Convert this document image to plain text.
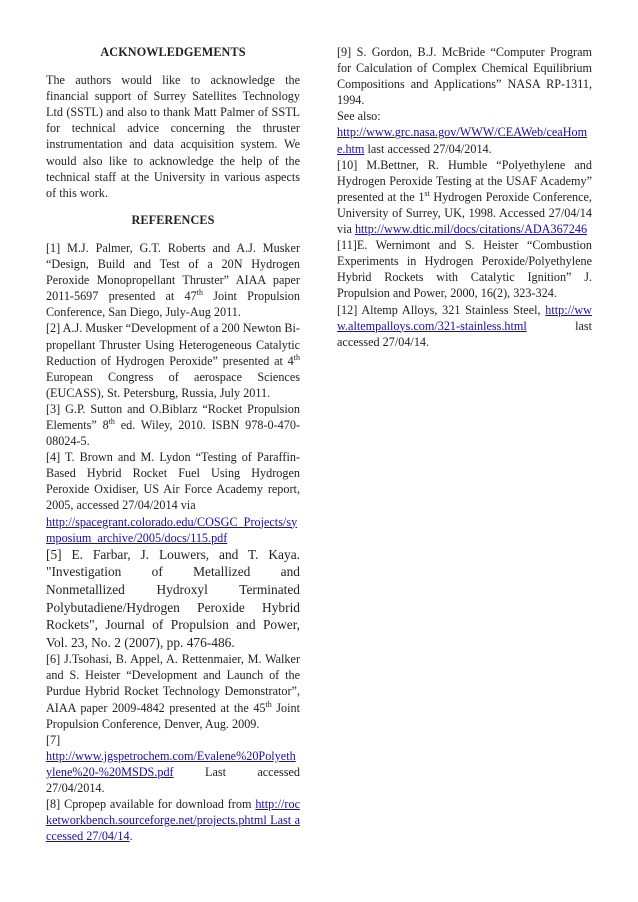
ACKNOWLEDGEMENTS
The authors would like to acknowledge the financial support of Surrey Satellites Technology Ltd (SSTL) and also to thank Matt Palmer of SSTL for technical advice concerning the thruster instrumentation and data acquisition system. We would also like to acknowledge the help of the technical staff at the University in various aspects of this work.
REFERENCES
[1] M.J. Palmer, G.T. Roberts and A.J. Musker “Design, Build and Test of a 20N Hydrogen Peroxide Monopropellant Thruster” AIAA paper 2011-5697 presented at 47th Joint Propulsion Conference, San Diego, July-Aug 2011.
[2] A.J. Musker “Development of a 200 Newton Bi-propellant Thruster Using Heterogeneous Catalytic Reduction of Hydrogen Peroxide” presented at 4th European Congress of aerospace Sciences (EUCASS), St. Petersburg, Russia, July 2011.
[3] G.P. Sutton and O.Biblarz “Rocket Propulsion Elements” 8th ed. Wiley, 2010. ISBN 978-0-470-08024-5.
[4] T. Brown and M. Lydon “Testing of Paraffin-Based Hybrid Rocket Fuel Using Hydrogen Peroxide Oxidiser, US Air Force Academy report, 2005, accessed 27/04/2014 via
http://spacegrant.colorado.edu/COSGC_Projects/symposium_archive/2005/docs/115.pdf
[5] E. Farbar, J. Louwers, and T. Kaya. "Investigation of Metallized and Nonmetallized Hydroxyl Terminated Polybutadiene/Hydrogen Peroxide Hybrid Rockets", Journal of Propulsion and Power, Vol. 23, No. 2 (2007), pp. 476-486.
[6] J.Tsohasi, B. Appel, A. Rettenmaier, M. Walker and S. Heister “Development and Launch of the Purdue Hybrid Rocket Technology Demonstrator”, AIAA paper 2009-4842 presented at the 45th Joint Propulsion Conference, Denver, Aug. 2009.
[7]
http://www.jgspetrochem.com/Evalene%20Polyethylene%20-%20MSDS.pdf Last accessed 27/04/2014.
[8] Cpropep available for download from http://rocketworkbench.sourceforge.net/projects.phtml Last accessed 27/04/14.
[9] S. Gordon, B.J. McBride “Computer Program for Calculation of Complex Chemical Equilibrium Compositions and Applications” NASA RP-1311, 1994.
See also:
http://www.grc.nasa.gov/WWW/CEAWeb/ceaHome.htm last accessed 27/04/2014.
[10] M.Bettner, R. Humble “Polyethylene and Hydrogen Peroxide Testing at the USAF Academy” presented at the 1st Hydrogen Peroxide Conference, University of Surrey, UK, 1998. Accessed 27/04/14 via http://www.dtic.mil/docs/citations/ADA367246
[11]E. Wernimont and S. Heister “Combustion Experiments in Hydrogen Peroxide/Polyethylene Hybrid Rockets with Catalytic Ignition” J. Propulsion and Power, 2000, 16(2), 323-324.
[12] Altemp Alloys, 321 Stainless Steel, http://www.altempalloys.com/321-stainless.html last accessed 27/04/14.
